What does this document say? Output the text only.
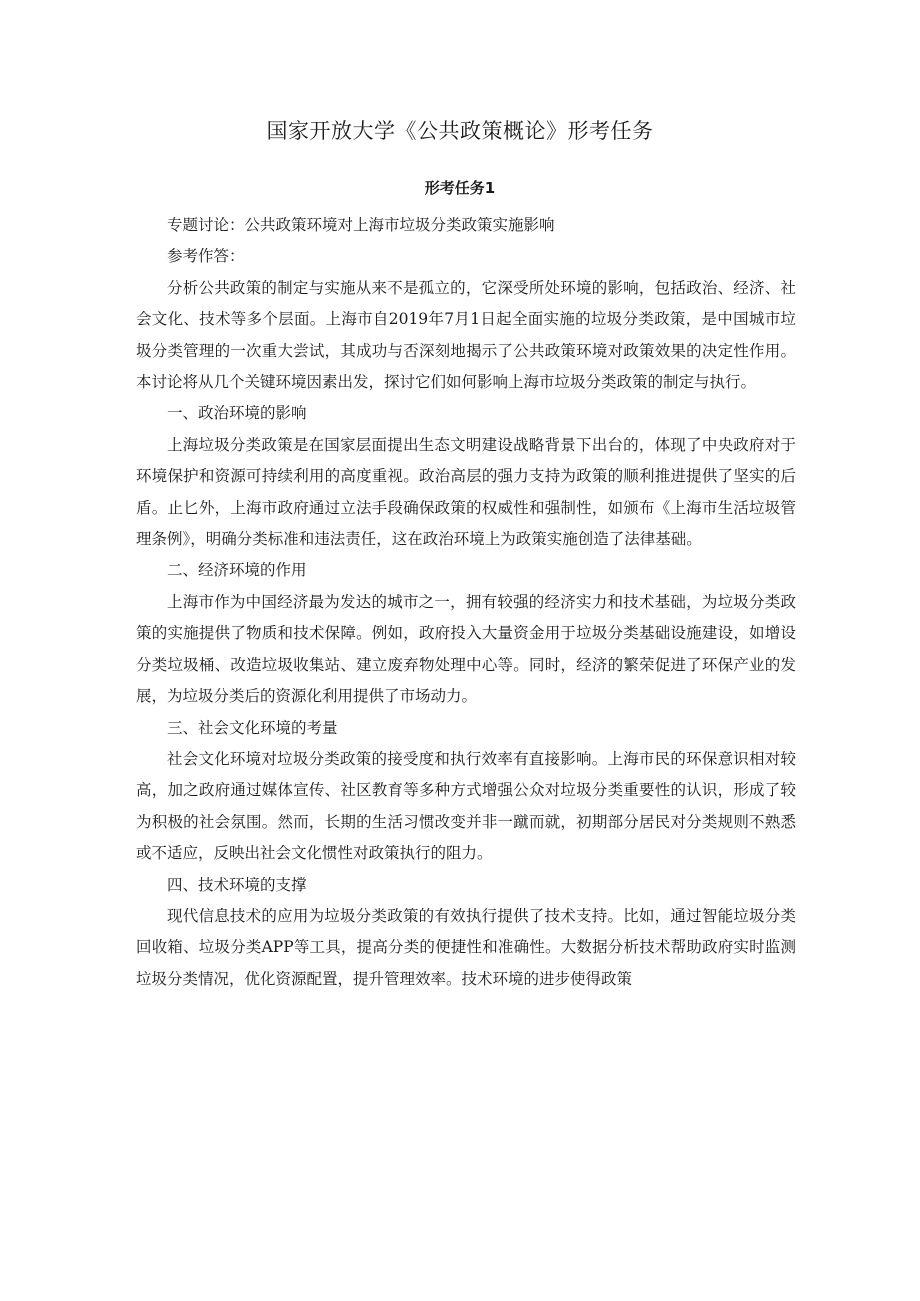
国家开放大学《公共政策概论》形考任务
形考任务1

专题讨论：公共政策环境对上海市垃圾分类政策实施影响

参考作答：

分析公共政策的制定与实施从来不是孤立的，它深受所处环境的影响，包括政治、经济、社会文化、技术等多个层面。上海市自2019年7月1日起全面实施的垃圾分类政策，是中国城市垃圾分类管理的一次重大尝试，其成功与否深刻地揭示了公共政策环境对政策效果的决定性作用。本讨论将从几个关键环境因素出发，探讨它们如何影响上海市垃圾分类政策的制定与执行。

一、政治环境的影响

上海垃圾分类政策是在国家层面提出生态文明建设战略背景下出台的，体现了中央政府对于环境保护和资源可持续利用的高度重视。政治高层的强力支持为政策的顺利推进提供了坚实的后盾。止匕外，上海市政府通过立法手段确保政策的权威性和强制性，如颁布《上海市生活垃圾管理条例》，明确分类标准和违法责任，这在政治环境上为政策实施创造了法律基础。

二、经济环境的作用

上海市作为中国经济最为发达的城市之一，拥有较强的经济实力和技术基础，为垃圾分类政策的实施提供了物质和技术保障。例如，政府投入大量资金用于垃圾分类基础设施建设，如增设分类垃圾桶、改造垃圾收集站、建立废弃物处理中心等。同时，经济的繁荣促进了环保产业的发展，为垃圾分类后的资源化利用提供了市场动力。

三、社会文化环境的考量

社会文化环境对垃圾分类政策的接受度和执行效率有直接影响。上海市民的环保意识相对较高，加之政府通过媒体宣传、社区教育等多种方式增强公众对垃圾分类重要性的认识，形成了较为积极的社会氛围。然而，长期的生活习惯改变并非一蹴而就，初期部分居民对分类规则不熟悉或不适应，反映出社会文化惯性对政策执行的阻力。

四、技术环境的支撑

现代信息技术的应用为垃圾分类政策的有效执行提供了技术支持。比如，通过智能垃圾分类回收箱、垃圾分类APP等工具，提高分类的便捷性和准确性。大数据分析技术帮助政府实时监测垃圾分类情况，优化资源配置，提升管理效率。技术环境的进步使得政策
